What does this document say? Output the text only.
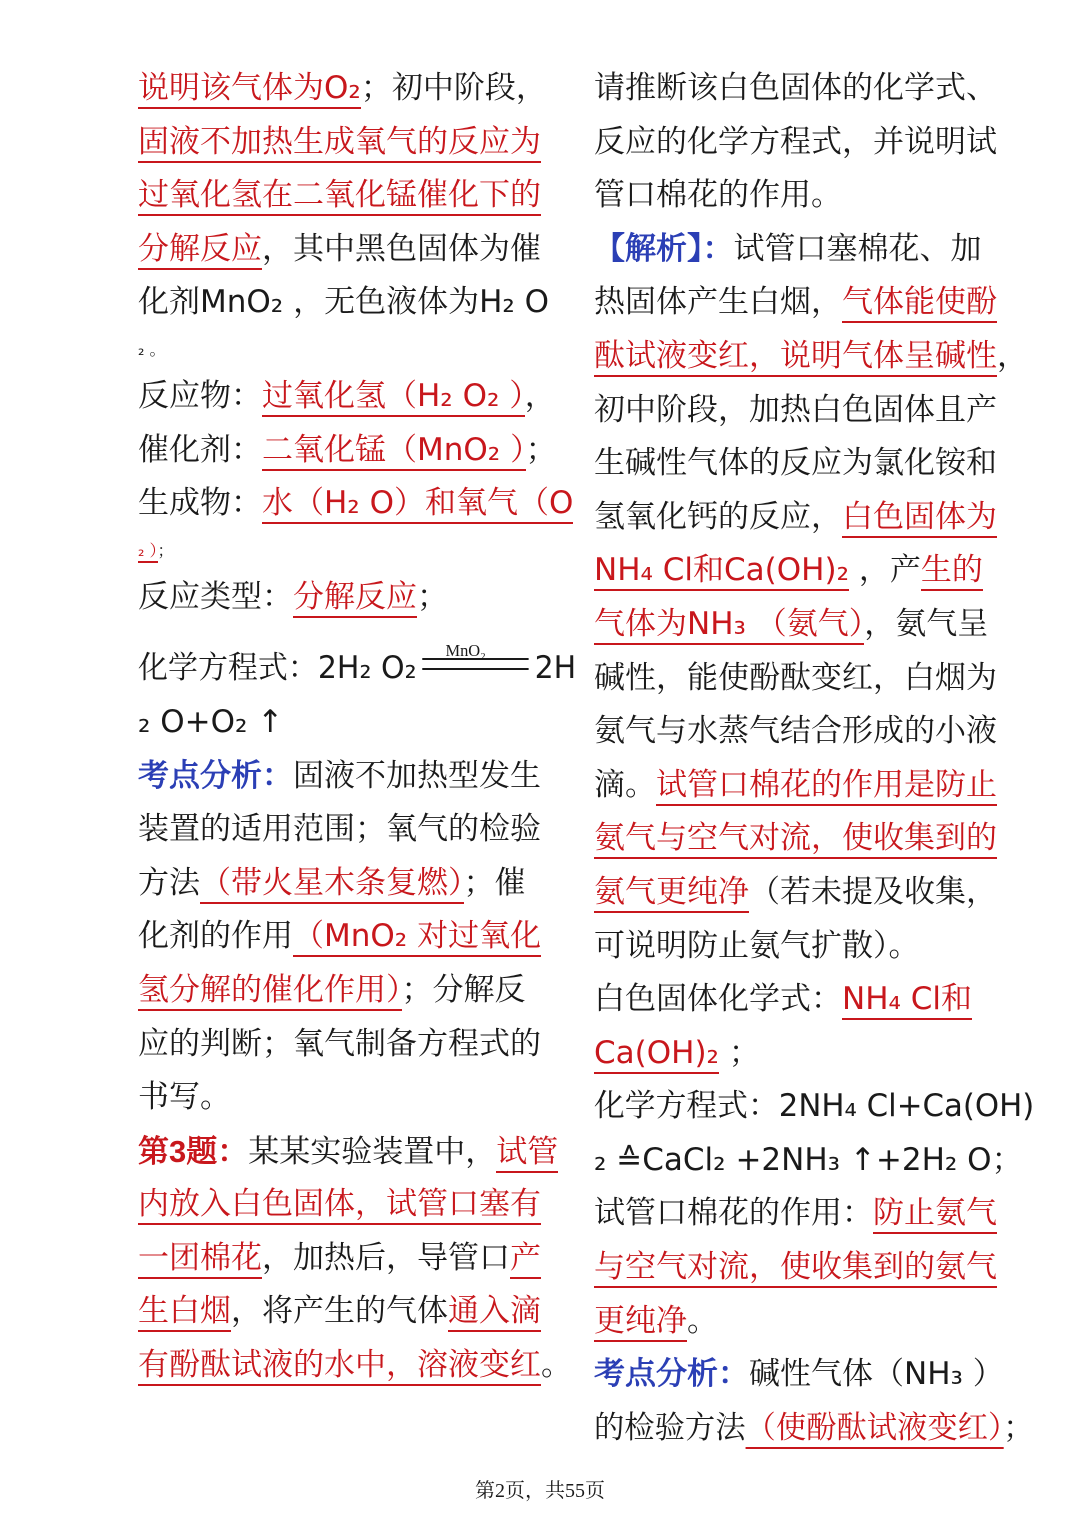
说明该气体为O₂；初中阶段，
固液不加热生成氧气的反应为
过氧化氢在二氧化锰催化下的
分解反应，其中黑色固体为催
化剂MnO₂ ，无色液体为H₂ O
₂ 。
反应物：过氧化氢（H₂ O₂ ），
催化剂：二氧化锰（MnO₂ ）；
生成物：水（H₂ O）和氧气（O
₂ ）；
反应类型：分解反应；
MnO₂
化学方程式：2H₂ O₂	2H
₂ O+O₂ ↑
考点分析：固液不加热型发生
装置的适用范围；氧气的检验
方法（带火星木条复燃）；催
化剂的作用（MnO₂ 对过氧化
氢分解的催化作用）；分解反
应的判断；氧气制备方程式的
书写。
第3题：某某实验装置中，试管
内放入白色固体，试管口塞有
一团棉花，加热后，导管口产
生白烟，将产生的气体通入滴
有酚酞试液的水中，溶液变红。
请推断该白色固体的化学式、
反应的化学方程式，并说明试
管口棉花的作用。
【解析】：试管口塞棉花、加
热固体产生白烟，气体能使酚
酞试液变红，说明气体呈碱性，
初中阶段，加热白色固体且产
生碱性气体的反应为氯化铵和
氢氧化钙的反应，白色固体为
NH₄ Cl和Ca(OH)₂ ，产生的
气体为NH₃ （氨气），氨气呈
碱性，能使酚酞变红，白烟为
氨气与水蒸气结合形成的小液
滴。试管口棉花的作用是防止
氨气与空气对流，使收集到的
氨气更纯净（若未提及收集，
可说明防止氨气扩散）。
白色固体化学式：NH₄ Cl和
Ca(OH)₂ ；
化学方程式：2NH₄ Cl+Ca(OH)
₂ ≙CaCl₂ +2NH₃ ↑+2H₂ O；
试管口棉花的作用：防止氨气
与空气对流，使收集到的氨气
更纯净。
考点分析：碱性气体（NH₃ ）
的检验方法（使酚酞试液变红）；
第2页，共55页
